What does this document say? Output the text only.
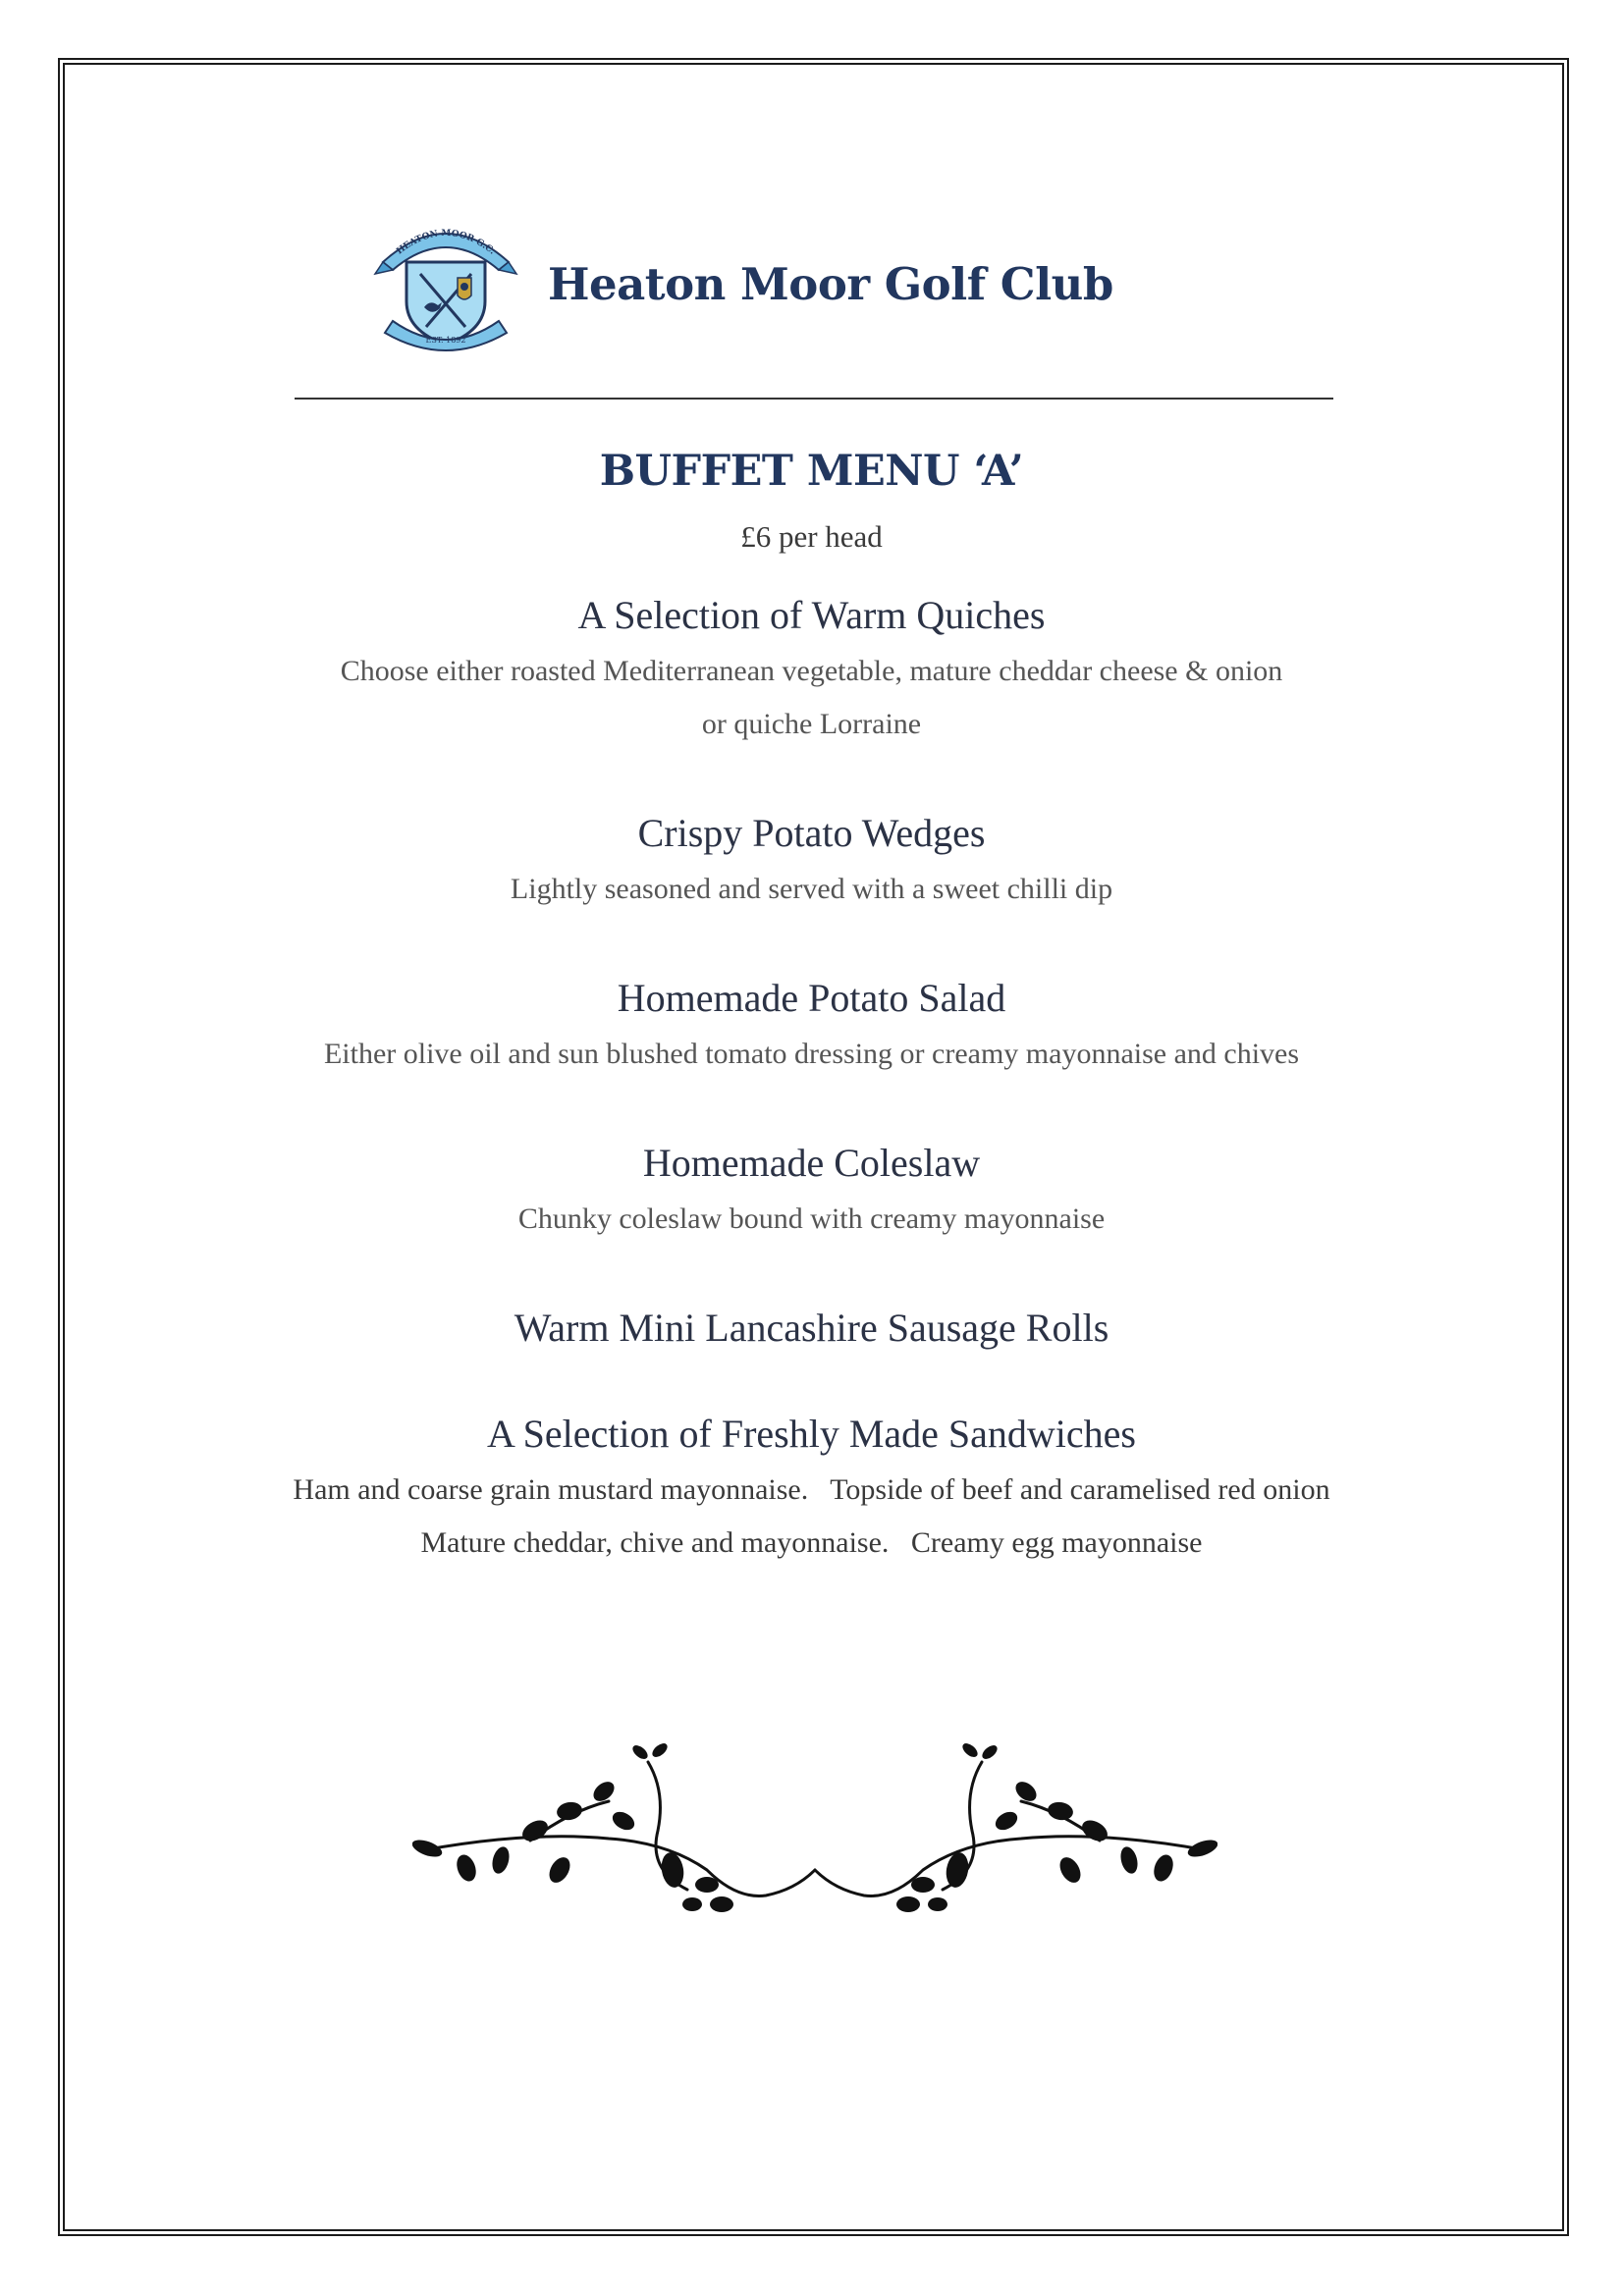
HEATON MOOR G.C.
EST. 1892
Heaton Moor Golf Club
BUFFET MENU ‘A’
£6 per head
A Selection of Warm Quiches
Choose either roasted Mediterranean vegetable, mature cheddar cheese & onion
or quiche Lorraine
Crispy Potato Wedges
Lightly seasoned and served with a sweet chilli dip
Homemade Potato Salad
Either olive oil and sun blushed tomato dressing or creamy mayonnaise and chives
Homemade Coleslaw
Chunky coleslaw bound with creamy mayonnaise
Warm Mini Lancashire Sausage Rolls
A Selection of Freshly Made Sandwiches
Ham and coarse grain mustard mayonnaise.   Topside of beef and caramelised red onion
Mature cheddar, chive and mayonnaise.   Creamy egg mayonnaise
